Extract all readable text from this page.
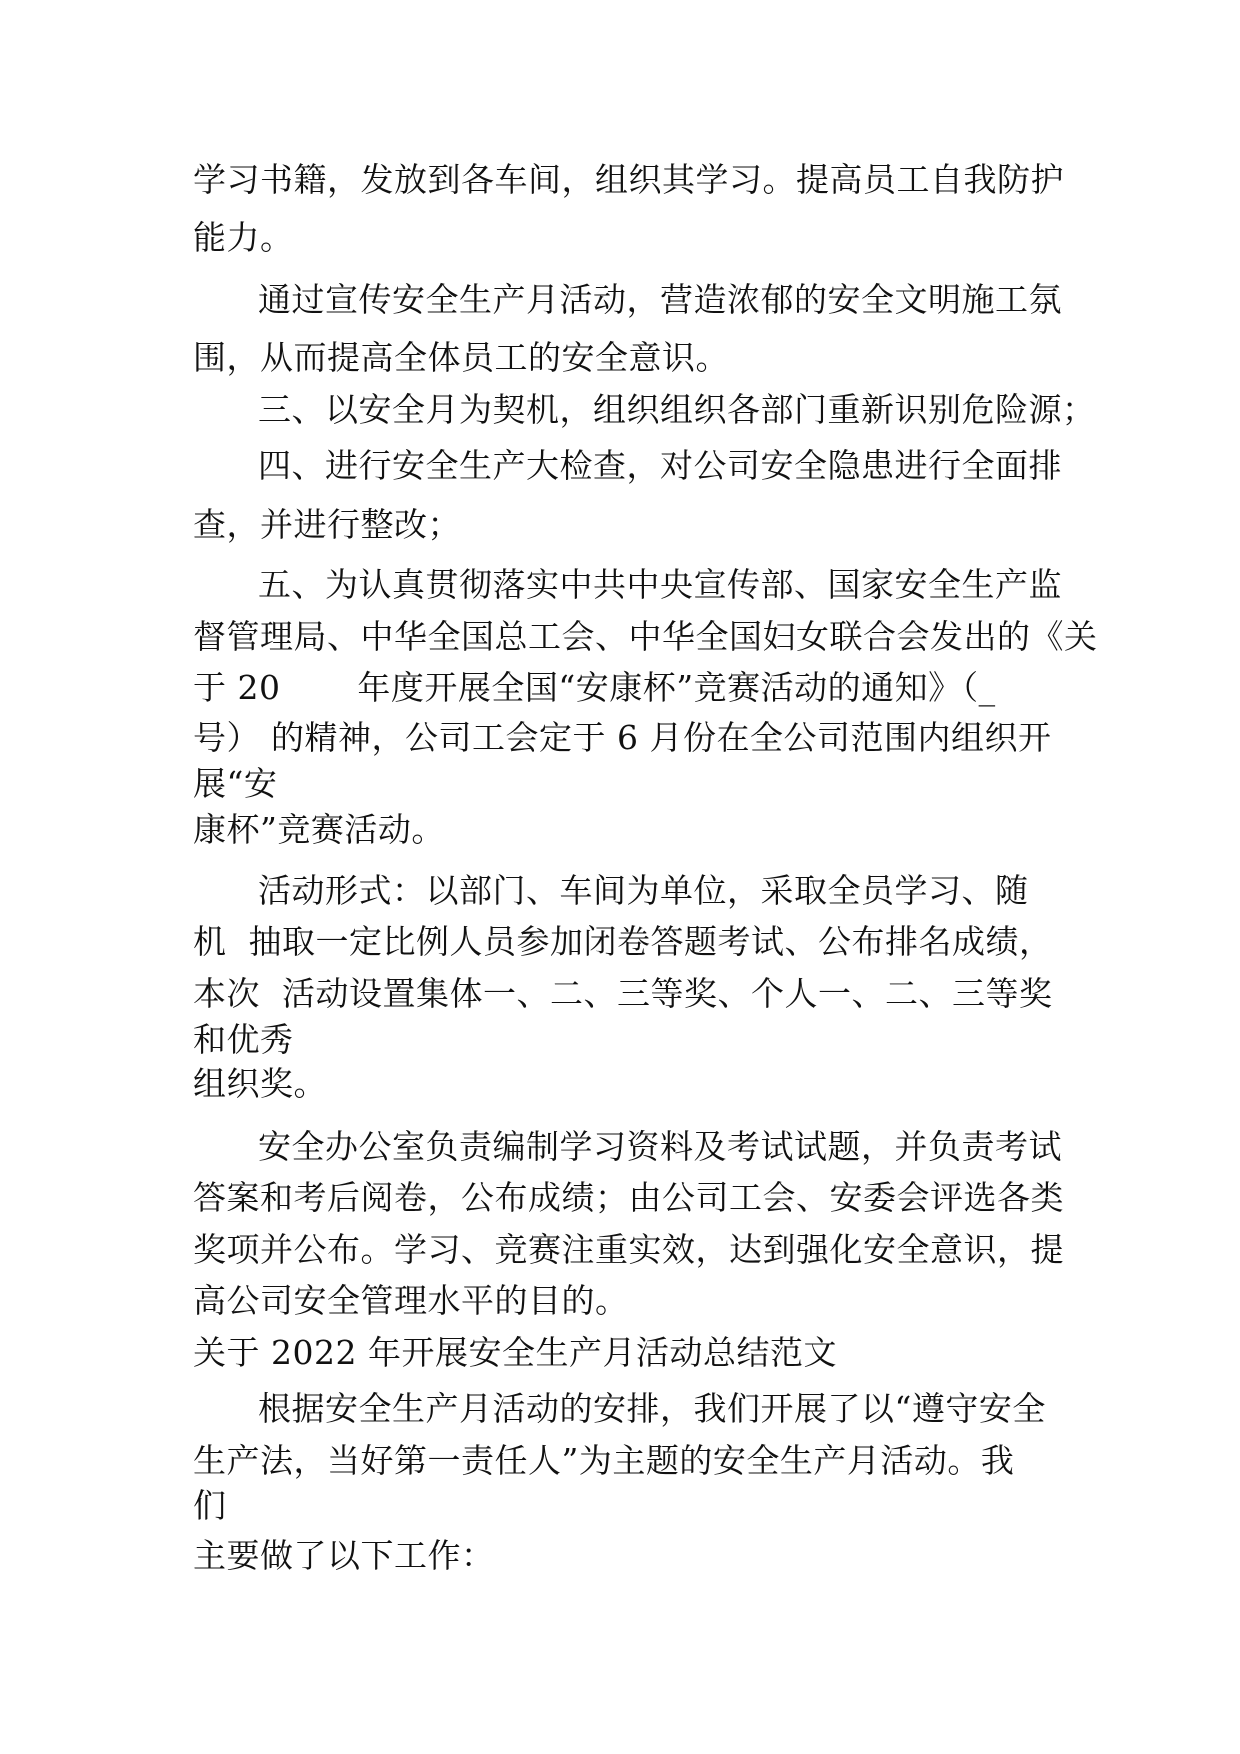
学习书籍，发放到各车间，组织其学习。提高员工自我防护
能力。
通过宣传安全生产月活动，营造浓郁的安全文明施工氛
围，从而提高全体员工的安全意识。
三、以安全月为契机，组织组织各部门重新识别危险源；
四、进行安全生产大检查，对公司安全隐患进行全面排
查，并进行整改；
五、为认真贯彻落实中共中央宣传部、国家安全生产监
督管理局、中华全国总工会、中华全国妇女联合会发出的《关
于 20       年度开展全国“安康杯”竞赛活动的通知》（_
号） 的精神，公司工会定于 6 月份在全公司范围内组织开
展“安
康杯”竞赛活动。
活动形式：以部门、车间为单位，采取全员学习、随
机  抽取一定比例人员参加闭卷答题考试、公布排名成绩，
本次  活动设置集体一、二、三等奖、个人一、二、三等奖
和优秀
组织奖。
安全办公室负责编制学习资料及考试试题，并负责考试
答案和考后阅卷，公布成绩；由公司工会、安委会评选各类
奖项并公布。学习、竞赛注重实效，达到强化安全意识，提
高公司安全管理水平的目的。
关于 2022 年开展安全生产月活动总结范文
根据安全生产月活动的安排，我们开展了以“遵守安全
生产法，当好第一责任人”为主题的安全生产月活动。我
们
主要做了以下工作：
